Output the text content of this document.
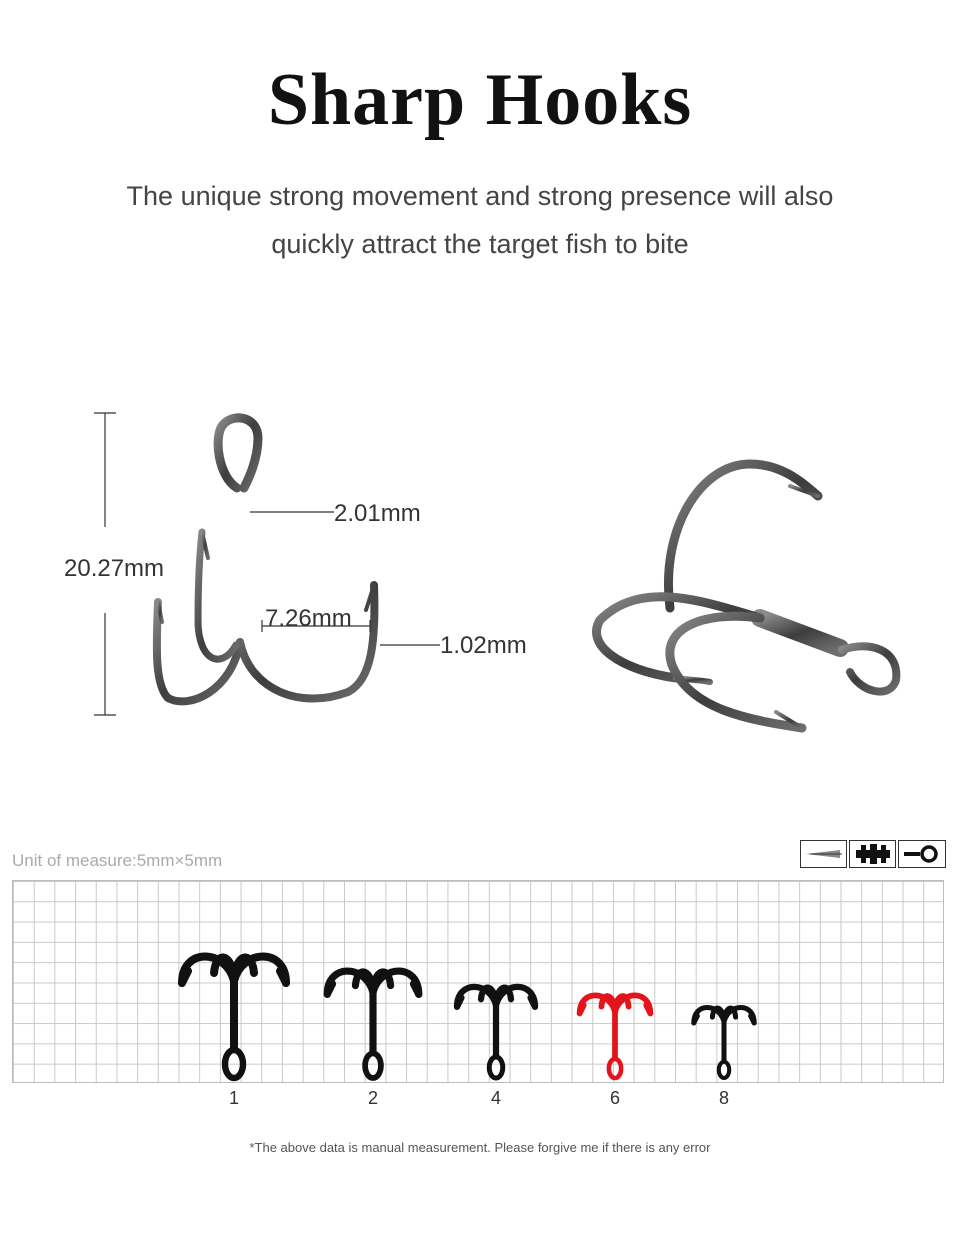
Sharp Hooks
The unique strong movement and strong presence will also
quickly attract the target fish to bite
20.27mm
2.01mm
7.26mm
1.02mm
Unit of measure:5mm×5mm
1	2	4	6	8
*The above data is manual measurement. Please forgive me if there is any error
